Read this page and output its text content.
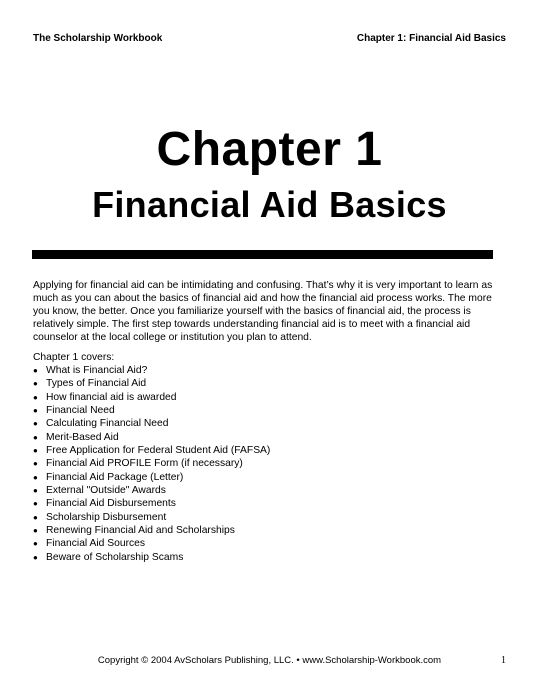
The Scholarship Workbook	Chapter 1: Financial Aid Basics
Chapter 1
Financial Aid Basics

Applying for financial aid can be intimidating and confusing. That’s why it is very important to learn as much as you can about the basics of financial aid and how the financial aid process works. The more you know, the better. Once you familiarize yourself with the basics of financial aid, the process is relatively simple. The first step towards understanding financial aid is to meet with a financial aid counselor at the local college or institution you plan to attend.

Chapter 1 covers:
● What is Financial Aid?
● Types of Financial Aid
● How financial aid is awarded
● Financial Need
● Calculating Financial Need
● Merit-Based Aid
● Free Application for Federal Student Aid (FAFSA)
● Financial Aid PROFILE Form (if necessary)
● Financial Aid Package (Letter)
● External "Outside" Awards
● Financial Aid Disbursements
● Scholarship Disbursement
● Renewing Financial Aid and Scholarships
● Financial Aid Sources
● Beware of Scholarship Scams
Copyright © 2004 AvScholars Publishing, LLC. • www.Scholarship-Workbook.com	1
